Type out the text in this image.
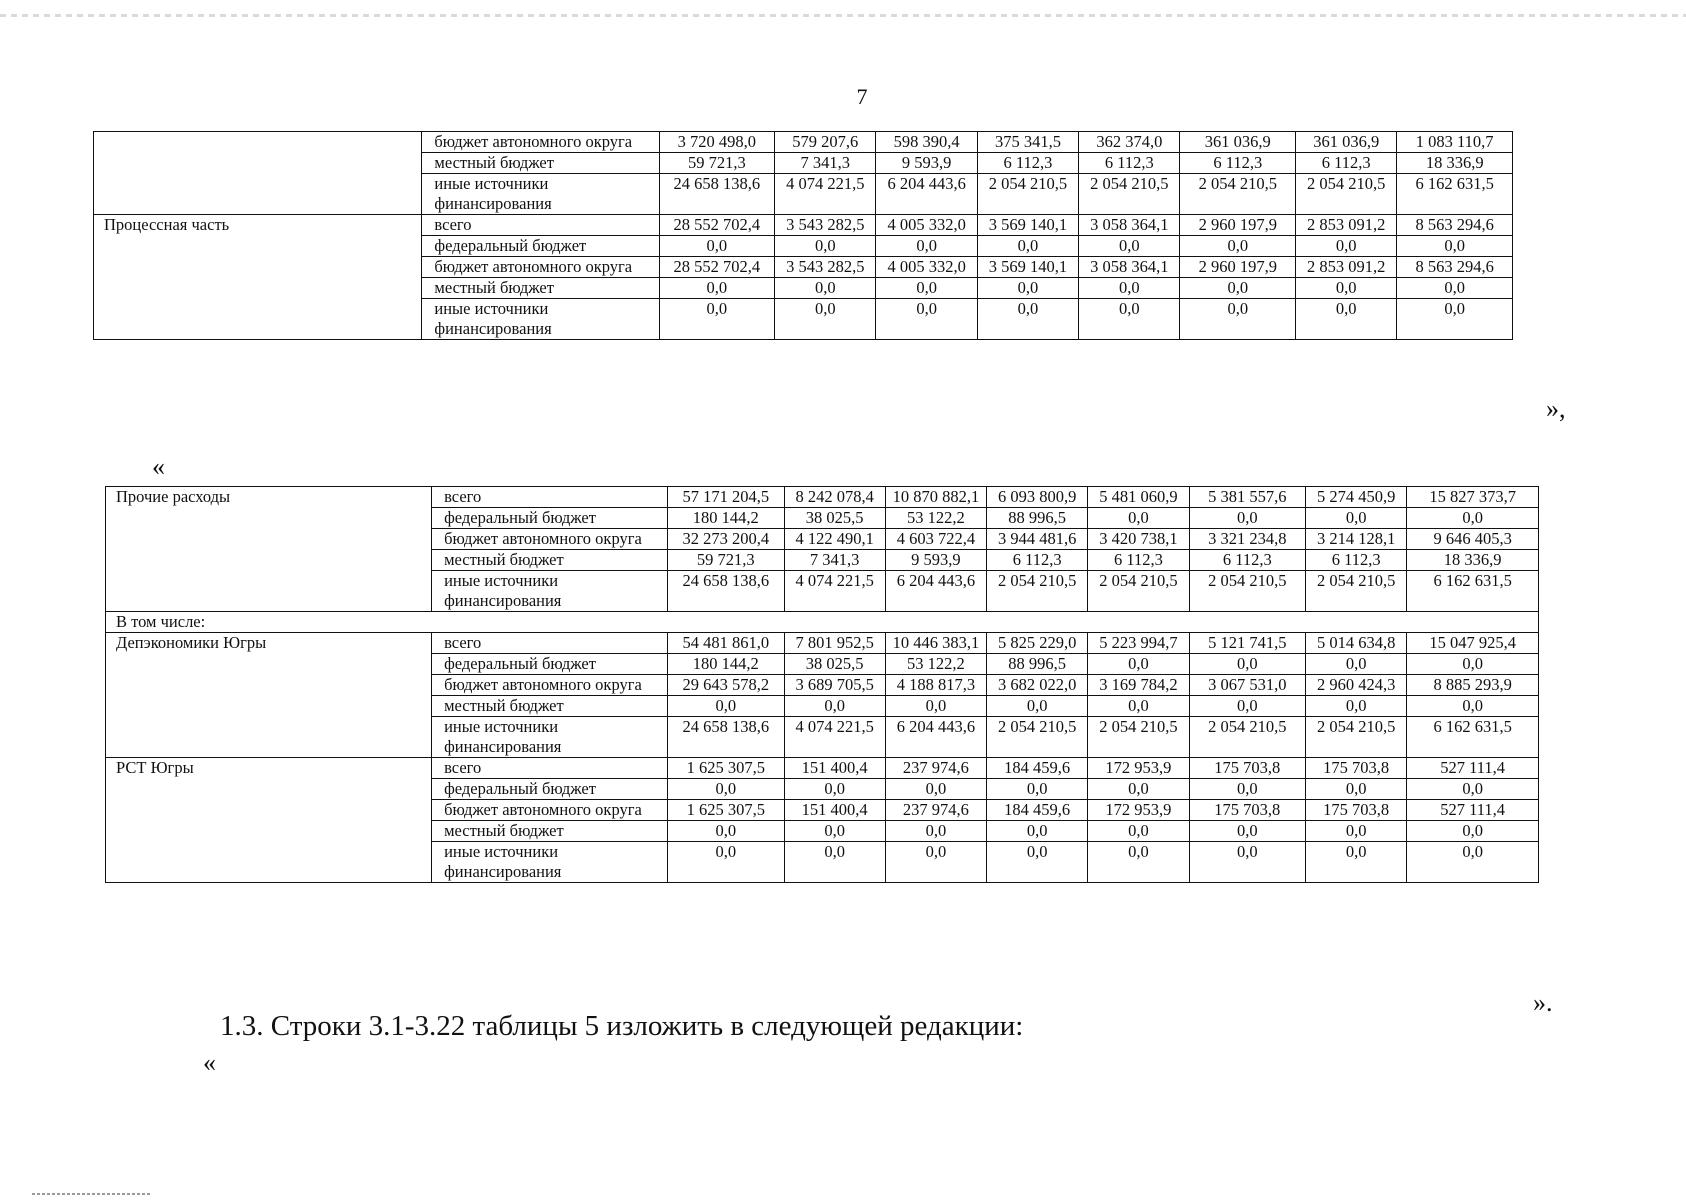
7
	бюджет автономного округа	3 720 498,0	579 207,6	598 390,4	375 341,5	362 374,0	361 036,9	361 036,9	1 083 110,7
	местный бюджет	59 721,3	7 341,3	9 593,9	6 112,3	6 112,3	6 112,3	6 112,3	18 336,9
	иные источники финансирования	24 658 138,6	4 074 221,5	6 204 443,6	2 054 210,5	2 054 210,5	2 054 210,5	2 054 210,5	6 162 631,5
Процессная часть	всего	28 552 702,4	3 543 282,5	4 005 332,0	3 569 140,1	3 058 364,1	2 960 197,9	2 853 091,2	8 563 294,6
	федеральный бюджет	0,0	0,0	0,0	0,0	0,0	0,0	0,0	0,0
	бюджет автономного округа	28 552 702,4	3 543 282,5	4 005 332,0	3 569 140,1	3 058 364,1	2 960 197,9	2 853 091,2	8 563 294,6
	местный бюджет	0,0	0,0	0,0	0,0	0,0	0,0	0,0	0,0
	иные источники финансирования	0,0	0,0	0,0	0,0	0,0	0,0	0,0	0,0
»,
«
Прочие расходы	всего	57 171 204,5	8 242 078,4	10 870 882,1	6 093 800,9	5 481 060,9	5 381 557,6	5 274 450,9	15 827 373,7
	федеральный бюджет	180 144,2	38 025,5	53 122,2	88 996,5	0,0	0,0	0,0	0,0
	бюджет автономного округа	32 273 200,4	4 122 490,1	4 603 722,4	3 944 481,6	3 420 738,1	3 321 234,8	3 214 128,1	9 646 405,3
	местный бюджет	59 721,3	7 341,3	9 593,9	6 112,3	6 112,3	6 112,3	6 112,3	18 336,9
	иные источники финансирования	24 658 138,6	4 074 221,5	6 204 443,6	2 054 210,5	2 054 210,5	2 054 210,5	2 054 210,5	6 162 631,5
В том числе:									
Депэкономики Югры	всего	54 481 861,0	7 801 952,5	10 446 383,1	5 825 229,0	5 223 994,7	5 121 741,5	5 014 634,8	15 047 925,4
	федеральный бюджет	180 144,2	38 025,5	53 122,2	88 996,5	0,0	0,0	0,0	0,0
	бюджет автономного округа	29 643 578,2	3 689 705,5	4 188 817,3	3 682 022,0	3 169 784,2	3 067 531,0	2 960 424,3	8 885 293,9
	местный бюджет	0,0	0,0	0,0	0,0	0,0	0,0	0,0	0,0
	иные источники финансирования	24 658 138,6	4 074 221,5	6 204 443,6	2 054 210,5	2 054 210,5	2 054 210,5	2 054 210,5	6 162 631,5
РСТ Югры	всего	1 625 307,5	151 400,4	237 974,6	184 459,6	172 953,9	175 703,8	175 703,8	527 111,4
	федеральный бюджет	0,0	0,0	0,0	0,0	0,0	0,0	0,0	0,0
	бюджет автономного округа	1 625 307,5	151 400,4	237 974,6	184 459,6	172 953,9	175 703,8	175 703,8	527 111,4
	местный бюджет	0,0	0,0	0,0	0,0	0,0	0,0	0,0	0,0
	иные источники финансирования	0,0	0,0	0,0	0,0	0,0	0,0	0,0	0,0
».
1.3. Строки 3.1-3.22 таблицы 5 изложить в следующей редакции:
«
